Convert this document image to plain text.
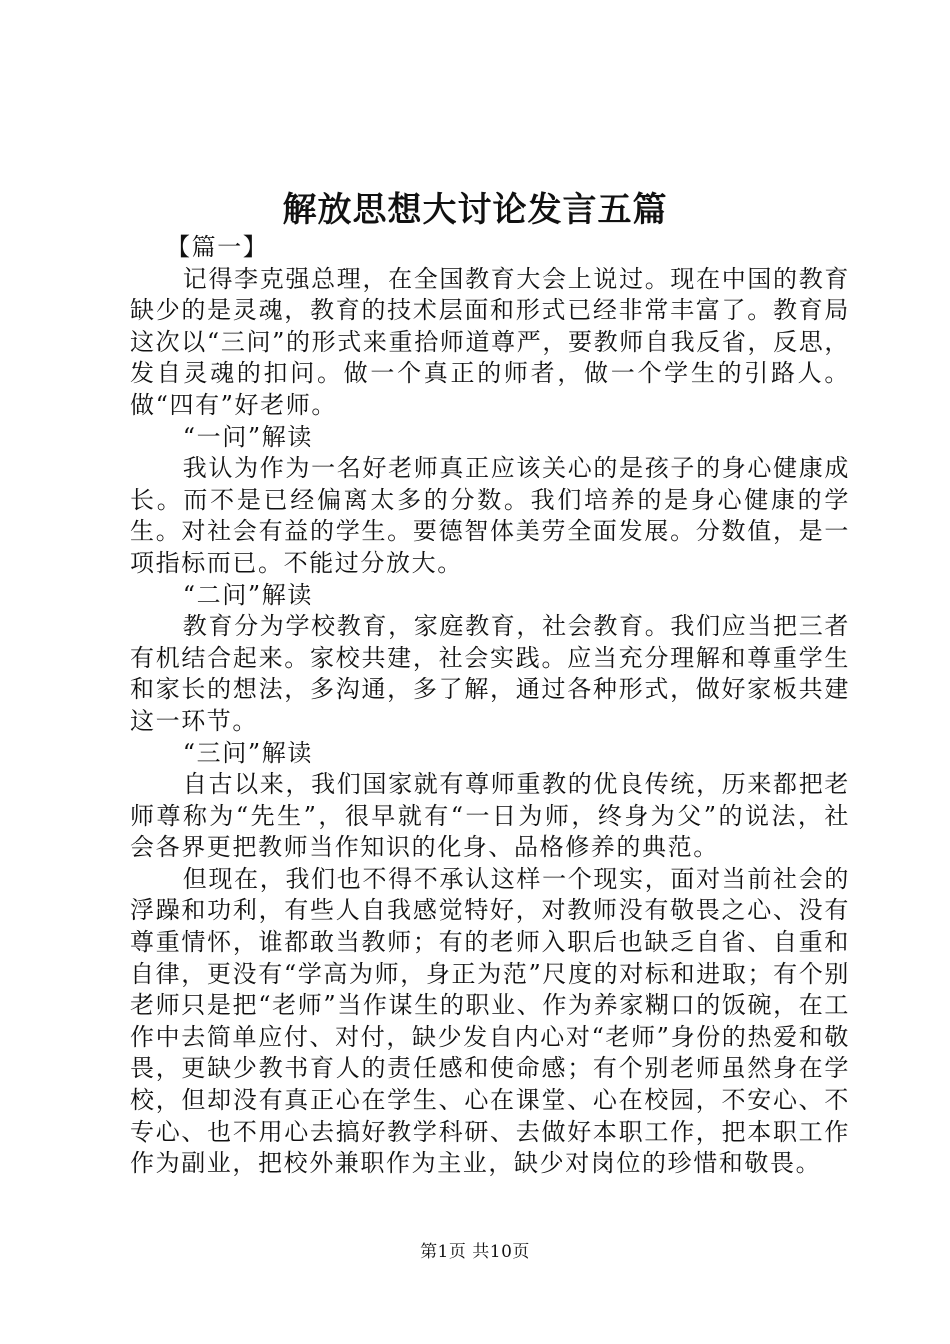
解放思想大讨论发言五篇

【篇一】

记得李克强总理，在全国教育大会上说过。现在中国的教育缺少的是灵魂，教育的技术层面和形式已经非常丰富了。教育局这次以“三问”的形式来重拾师道尊严，要教师自我反省，反思，发自灵魂的扣问。做一个真正的师者，做一个学生的引路人。做“四有”好老师。

“一问”解读

我认为作为一名好老师真正应该关心的是孩子的身心健康成长。而不是已经偏离太多的分数。我们培养的是身心健康的学生。对社会有益的学生。要德智体美劳全面发展。分数值，是一项指标而已。不能过分放大。

“二问”解读

教育分为学校教育，家庭教育，社会教育。我们应当把三者有机结合起来。家校共建，社会实践。应当充分理解和尊重学生和家长的想法，多沟通，多了解，通过各种形式，做好家板共建这一环节。

“三问”解读

自古以来，我们国家就有尊师重教的优良传统，历来都把老师尊称为“先生”，很早就有“一日为师，终身为父”的说法，社会各界更把教师当作知识的化身、品格修养的典范。

但现在，我们也不得不承认这样一个现实，面对当前社会的浮躁和功利，有些人自我感觉特好，对教师没有敬畏之心、没有尊重情怀，谁都敢当教师；有的老师入职后也缺乏自省、自重和自律，更没有“学高为师，身正为范”尺度的对标和进取；有个别老师只是把“老师”当作谋生的职业、作为养家糊口的饭碗，在工作中去简单应付、对付，缺少发自内心对“老师”身份的热爱和敬畏，更缺少教书育人的责任感和使命感；有个别老师虽然身在学校，但却没有真正心在学生、心在课堂、心在校园，不安心、不专心、也不用心去搞好教学科研、去做好本职工作，把本职工作作为副业，把校外兼职作为主业，缺少对岗位的珍惜和敬畏。

第1页 共10页
